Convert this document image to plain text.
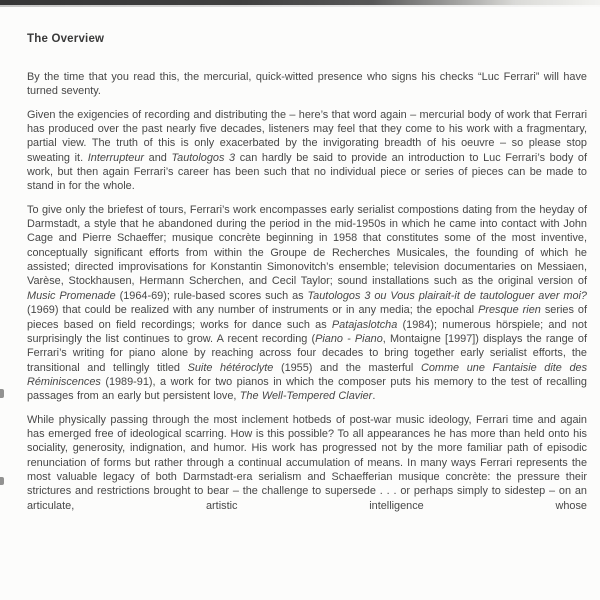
The Overview

By the time that you read this, the mercurial, quick-witted presence who signs his checks “Luc Ferrari” will have turned seventy.

Given the exigencies of recording and distributing the – here’s that word again – mercurial body of work that Ferrari has produced over the past nearly five decades, listeners may feel that they come to his work with a fragmentary, partial view. The truth of this is only exacerbated by the invigorating breadth of his oeuvre – so please stop sweating it. Interrupteur and Tautologos 3 can hardly be said to provide an introduction to Luc Ferrari’s body of work, but then again Ferrari’s career has been such that no individual piece or series of pieces can be made to stand in for the whole.

To give only the briefest of tours, Ferrari’s work encompasses early serialist compostions dating from the heyday of Darmstadt, a style that he abandoned during the period in the mid-1950s in which he came into contact with John Cage and Pierre Schaeffer; musique concrète beginning in 1958 that constitutes some of the most inventive, conceptually significant efforts from within the Groupe de Recherches Musicales, the founding of which he assisted; directed improvisations for Konstantin Simonovitch’s ensemble; television documentaries on Messiaen, Varèse, Stockhausen, Hermann Scherchen, and Cecil Taylor; sound installations such as the original version of Music Promenade (1964-69); rule-based scores such as Tautologos 3 ou Vous plairait-it de tautologuer aver moi? (1969) that could be realized with any number of instruments or in any media; the epochal Presque rien series of pieces based on field recordings; works for dance such as Patajaslotcha (1984); numerous hörspiele; and not surprisingly the list continues to grow. A recent recording (Piano - Piano, Montaigne [1997]) displays the range of Ferrari’s writing for piano alone by reaching across four decades to bring together early serialist efforts, the transitional and tellingly titled Suite hétéroclyte (1955) and the masterful Comme une Fantaisie dite des Réminiscences (1989-91), a work for two pianos in which the composer puts his memory to the test of recalling passages from an early but persistent love, The Well-Tempered Clavier.

While physically passing through the most inclement hotbeds of post-war music ideology, Ferrari time and again has emerged free of ideological scarring. How is this possible? To all appearances he has more than held onto his sociality, generosity, indignation, and humor. His work has progressed not by the more familiar path of episodic renunciation of forms but rather through a continual accumulation of means. In many ways Ferrari represents the most valuable legacy of both Darmstadt-era serialism and Schaefferian musique concrète: the pressure their strictures and restrictions brought to bear – the challenge to supersede . . . or perhaps simply to sidestep – on an articulate, artistic intelligence whose
